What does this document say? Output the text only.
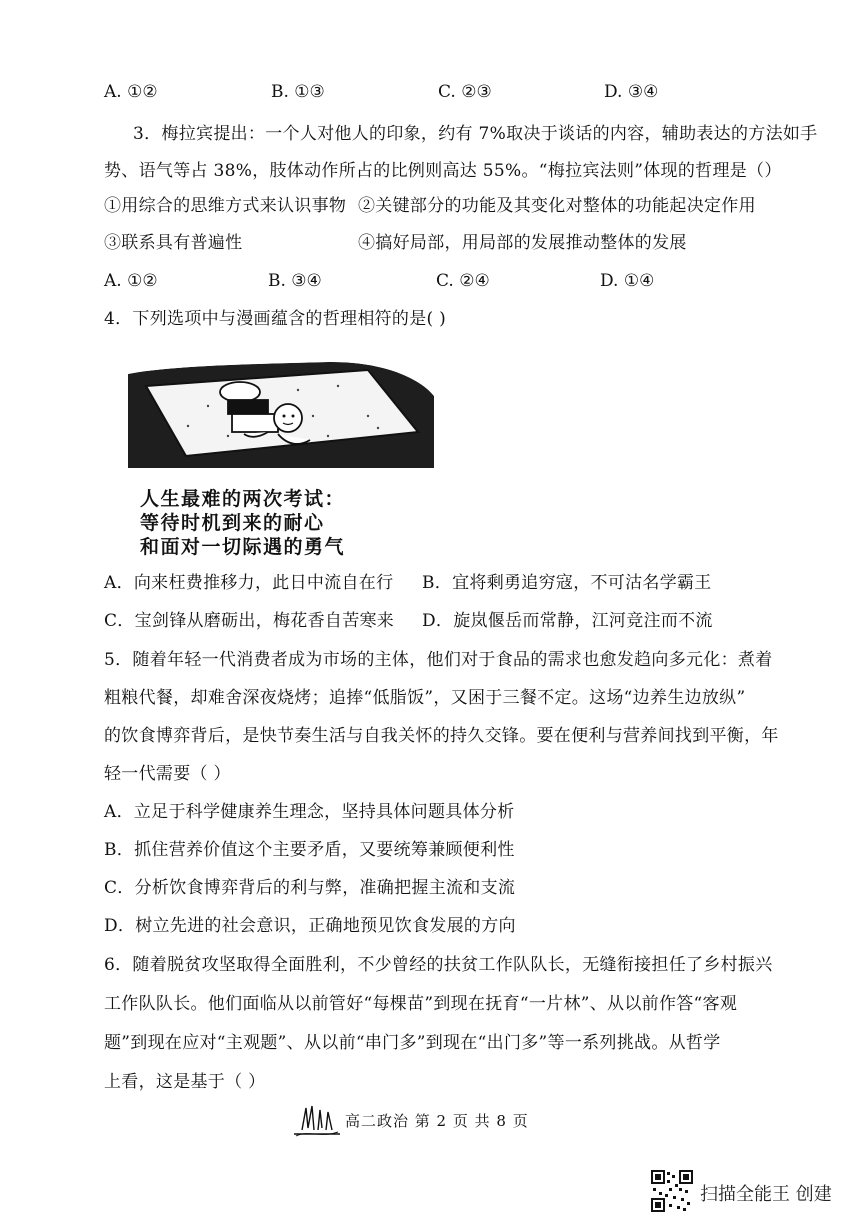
A. ①②	B. ①③	C. ②③	D. ③④
3．梅拉宾提出：一个人对他人的印象，约有 7%取决于谈话的内容，辅助表达的方法如手
势、语气等占 38%，肢体动作所占的比例则高达 55%。“梅拉宾法则”体现的哲理是（）
①用综合的思维方式来认识事物 ②关键部分的功能及其变化对整体的功能起决定作用
③联系具有普遍性	④搞好局部，用局部的发展推动整体的发展
A. ①②	B. ③④	C. ②④	D. ①④
4．下列选项中与漫画蕴含的哲理相符的是( )
人生最难的两次考试：
等待时机到来的耐心
和面对一切际遇的勇气
A．向来枉费推移力，此日中流自在行 B．宜将剩勇追穷寇，不可沽名学霸王
C．宝剑锋从磨砺出，梅花香自苦寒来 D．旋岚偃岳而常静，江河竞注而不流
5．随着年轻一代消费者成为市场的主体，他们对于食品的需求也愈发趋向多元化：煮着
粗粮代餐，却难舍深夜烧烤；追捧“低脂饭”，又困于三餐不定。这场“边养生边放纵”
的饮食博弈背后，是快节奏生活与自我关怀的持久交锋。要在便利与营养间找到平衡，年
轻一代需要（ ）
A．立足于科学健康养生理念，坚持具体问题具体分析
B．抓住营养价值这个主要矛盾，又要统筹兼顾便利性
C．分析饮食博弈背后的利与弊，准确把握主流和支流
D．树立先进的社会意识，正确地预见饮食发展的方向
6．随着脱贫攻坚取得全面胜利，不少曾经的扶贫工作队队长，无缝衔接担任了乡村振兴
工作队队长。他们面临从以前管好“每棵苗”到现在抚育“一片林”、从以前作答“客观
题”到现在应对“主观题”、从以前“串门多”到现在“出门多”等一系列挑战。从哲学
上看，这是基于（ ）
高二政治 第 2 页 共 8 页
扫描全能王 创建
